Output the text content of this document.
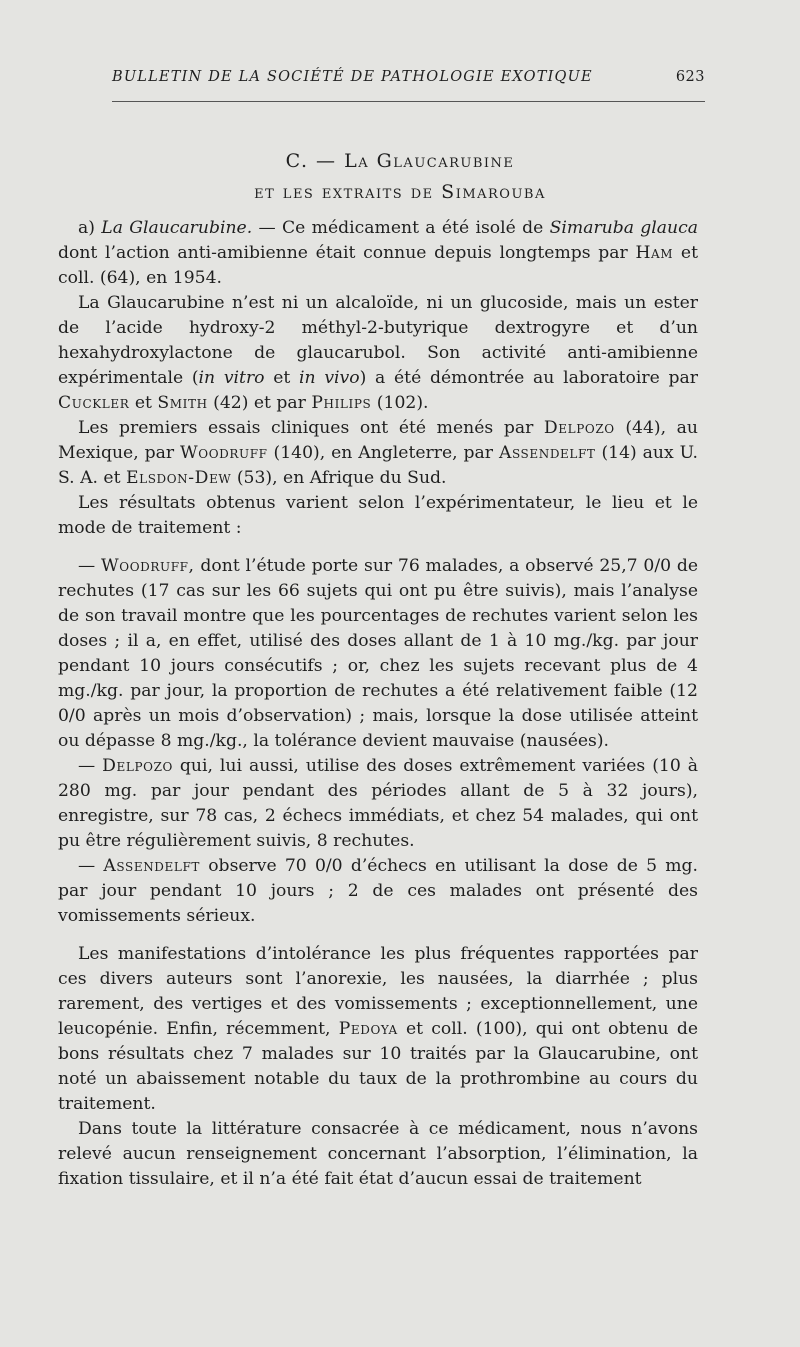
BULLETIN DE LA SOCIÉTÉ DE PATHOLOGIE EXOTIQUE	623
C. — La Glaucarubine
et les extraits de Simarouba

a) La Glaucarubine. — Ce médicament a été isolé de Simaruba glauca dont l’action anti-amibienne était connue depuis longtemps par Ham et coll. (64), en 1954.

La Glaucarubine n’est ni un alcaloïde, ni un glucoside, mais un ester de l’acide hydroxy-2 méthyl-2-butyrique dextrogyre et d’un hexahydroxylactone de glaucarubol. Son activité anti-amibienne expérimentale (in vitro et in vivo) a été démontrée au laboratoire par Cuckler et Smith (42) et par Philips (102).

Les premiers essais cliniques ont été menés par Delpozo (44), au Mexique, par Woodruff (140), en Angleterre, par Assendelft (14) aux U. S. A. et Elsdon-Dew (53), en Afrique du Sud.

Les résultats obtenus varient selon l’expérimentateur, le lieu et le mode de traitement :

— Woodruff, dont l’étude porte sur 76 malades, a observé 25,7 0/0 de rechutes (17 cas sur les 66 sujets qui ont pu être suivis), mais l’analyse de son travail montre que les pourcentages de rechutes varient selon les doses ; il a, en effet, utilisé des doses allant de 1 à 10 mg./kg. par jour pendant 10 jours consécutifs ; or, chez les sujets recevant plus de 4 mg./kg. par jour, la proportion de rechutes a été relativement faible (12 0/0 après un mois d’observation) ; mais, lorsque la dose utilisée atteint ou dépasse 8 mg./kg., la tolérance devient mauvaise (nausées).

— Delpozo qui, lui aussi, utilise des doses extrêmement variées (10 à 280 mg. par jour pendant des périodes allant de 5 à 32 jours), enregistre, sur 78 cas, 2 échecs immédiats, et chez 54 malades, qui ont pu être régulièrement suivis, 8 rechutes.

— Assendelft observe 70 0/0 d’échecs en utilisant la dose de 5 mg. par jour pendant 10 jours ; 2 de ces malades ont présenté des vomissements sérieux.

Les manifestations d’intolérance les plus fréquentes rapportées par ces divers auteurs sont l’anorexie, les nausées, la diarrhée ; plus rarement, des vertiges et des vomissements ; exceptionnellement, une leucopénie. Enfin, récemment, Pedoya et coll. (100), qui ont obtenu de bons résultats chez 7 malades sur 10 traités par la Glaucarubine, ont noté un abaissement notable du taux de la prothrombine au cours du traitement.

Dans toute la littérature consacrée à ce médicament, nous n’avons relevé aucun renseignement concernant l’absorption, l’élimination, la fixation tissulaire, et il n’a été fait état d’aucun essai de traitement
